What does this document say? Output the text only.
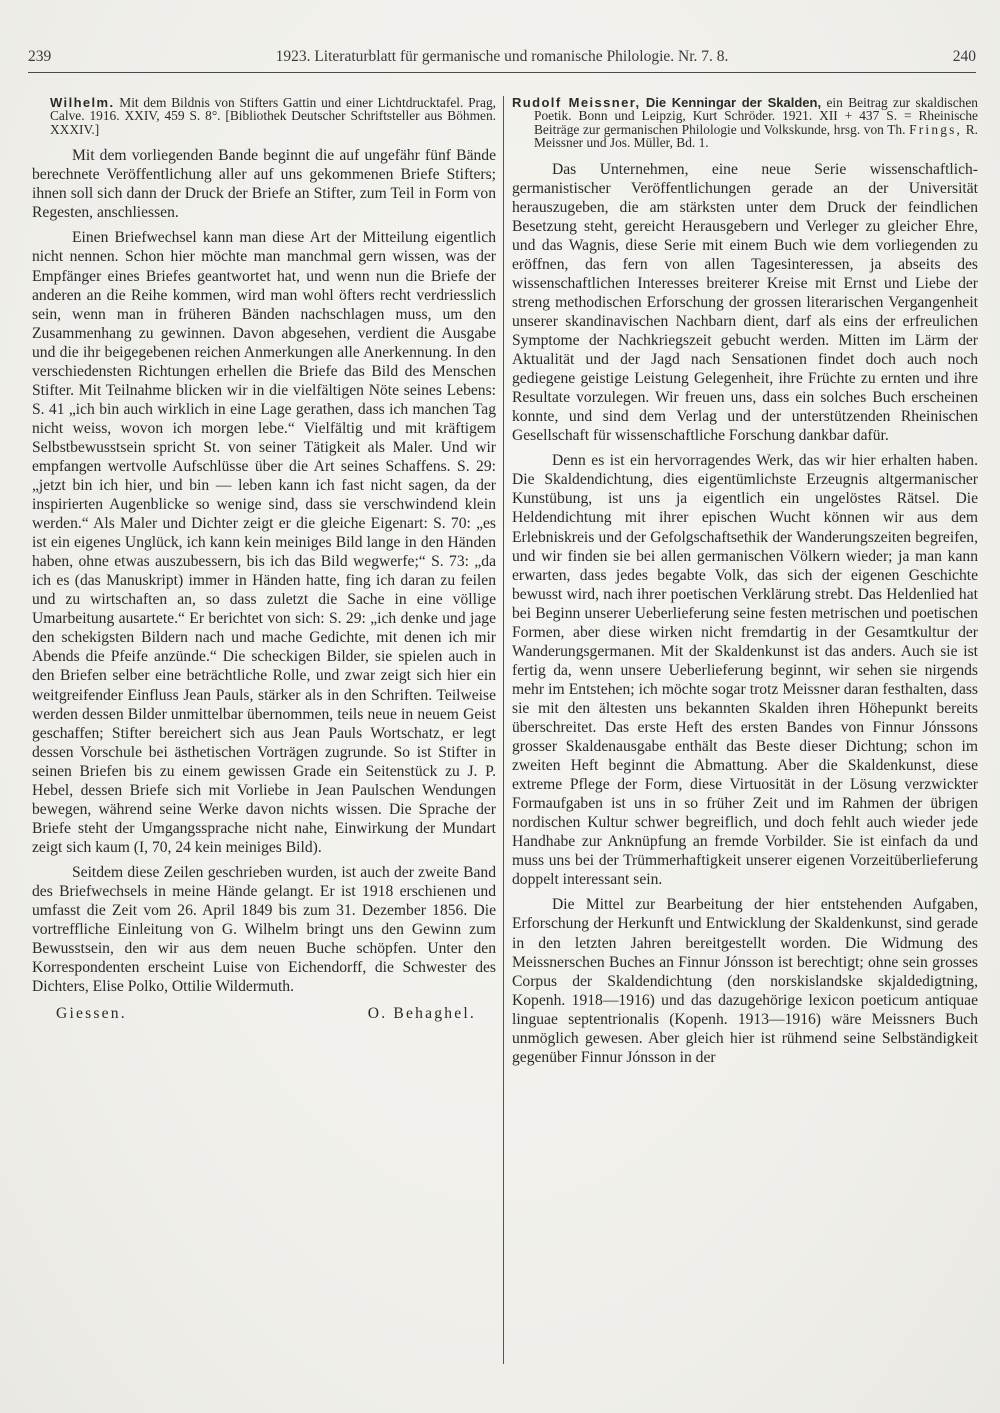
239	1923. Literaturblatt für germanische und romanische Philologie. Nr. 7. 8.	240

Wilhelm. Mit dem Bildnis von Stifters Gattin und einer Lichtdrucktafel. Prag, Calve. 1916. XXIV, 459 S. 8°. [Bibliothek Deutscher Schriftsteller aus Böhmen. XXXIV.]

Mit dem vorliegenden Bande beginnt die auf ungefähr fünf Bände berechnete Veröffentlichung aller auf uns gekommenen Briefe Stifters; ihnen soll sich dann der Druck der Briefe an Stifter, zum Teil in Form von Regesten, anschliessen.

Einen Briefwechsel kann man diese Art der Mitteilung eigentlich nicht nennen. Schon hier möchte man manchmal gern wissen, was der Empfänger eines Briefes geantwortet hat, und wenn nun die Briefe der anderen an die Reihe kommen, wird man wohl öfters recht verdriesslich sein, wenn man in früheren Bänden nachschlagen muss, um den Zusammenhang zu gewinnen. Davon abgesehen, verdient die Ausgabe und die ihr beigegebenen reichen Anmerkungen alle Anerkennung. In den verschiedensten Richtungen erhellen die Briefe das Bild des Menschen Stifter. Mit Teilnahme blicken wir in die vielfältigen Nöte seines Lebens: S. 41 „ich bin auch wirklich in eine Lage gerathen, dass ich manchen Tag nicht weiss, wovon ich morgen lebe.“ Vielfältig und mit kräftigem Selbstbewusstsein spricht St. von seiner Tätigkeit als Maler. Und wir empfangen wertvolle Aufschlüsse über die Art seines Schaffens. S. 29: „jetzt bin ich hier, und bin — leben kann ich fast nicht sagen, da der inspirierten Augenblicke so wenige sind, dass sie verschwindend klein werden.“ Als Maler und Dichter zeigt er die gleiche Eigenart: S. 70: „es ist ein eigenes Unglück, ich kann kein meiniges Bild lange in den Händen haben, ohne etwas auszubessern, bis ich das Bild wegwerfe;“ S. 73: „da ich es (das Manuskript) immer in Händen hatte, fing ich daran zu feilen und zu wirtschaften an, so dass zuletzt die Sache in eine völlige Umarbeitung ausartete.“ Er berichtet von sich: S. 29: „ich denke und jage den schekigsten Bildern nach und mache Gedichte, mit denen ich mir Abends die Pfeife anzünde.“ Die scheckigen Bilder, sie spielen auch in den Briefen selber eine beträchtliche Rolle, und zwar zeigt sich hier ein weitgreifender Einfluss Jean Pauls, stärker als in den Schriften. Teilweise werden dessen Bilder unmittelbar übernommen, teils neue in neuem Geist geschaffen; Stifter bereichert sich aus Jean Pauls Wortschatz, er legt dessen Vorschule bei ästhetischen Vorträgen zugrunde. So ist Stifter in seinen Briefen bis zu einem gewissen Grade ein Seitenstück zu J. P. Hebel, dessen Briefe sich mit Vorliebe in Jean Paulschen Wendungen bewegen, während seine Werke davon nichts wissen. Die Sprache der Briefe steht der Umgangssprache nicht nahe, Einwirkung der Mundart zeigt sich kaum (I, 70, 24 kein meiniges Bild).

Seitdem diese Zeilen geschrieben wurden, ist auch der zweite Band des Briefwechsels in meine Hände gelangt. Er ist 1918 erschienen und umfasst die Zeit vom 26. April 1849 bis zum 31. Dezember 1856. Die vortreffliche Einleitung von G. Wilhelm bringt uns den Gewinn zum Bewusstsein, den wir aus dem neuen Buche schöpfen. Unter den Korrespondenten erscheint Luise von Eichendorff, die Schwester des Dichters, Elise Polko, Ottilie Wildermuth.

Giessen.	O. Behaghel.

Rudolf Meissner, Die Kenningar der Skalden, ein Beitrag zur skaldischen Poetik. Bonn und Leipzig, Kurt Schröder. 1921. XII + 437 S. = Rheinische Beiträge zur germanischen Philologie und Volkskunde, hrsg. von Th. Frings, R. Meissner und Jos. Müller, Bd. 1.

Das Unternehmen, eine neue Serie wissenschaftlich-germanistischer Veröffentlichungen gerade an der Universität herauszugeben, die am stärksten unter dem Druck der feindlichen Besetzung steht, gereicht Herausgebern und Verleger zu gleicher Ehre, und das Wagnis, diese Serie mit einem Buch wie dem vorliegenden zu eröffnen, das fern von allen Tagesinteressen, ja abseits des wissenschaftlichen Interesses breiterer Kreise mit Ernst und Liebe der streng methodischen Erforschung der grossen literarischen Vergangenheit unserer skandinavischen Nachbarn dient, darf als eins der erfreulichen Symptome der Nachkriegszeit gebucht werden. Mitten im Lärm der Aktualität und der Jagd nach Sensationen findet doch auch noch gediegene geistige Leistung Gelegenheit, ihre Früchte zu ernten und ihre Resultate vorzulegen. Wir freuen uns, dass ein solches Buch erscheinen konnte, und sind dem Verlag und der unterstützenden Rheinischen Gesellschaft für wissenschaftliche Forschung dankbar dafür.

Denn es ist ein hervorragendes Werk, das wir hier erhalten haben. Die Skaldendichtung, dies eigentümlichste Erzeugnis altgermanischer Kunstübung, ist uns ja eigentlich ein ungelöstes Rätsel. Die Heldendichtung mit ihrer epischen Wucht können wir aus dem Erlebniskreis und der Gefolgschaftsethik der Wanderungszeiten begreifen, und wir finden sie bei allen germanischen Völkern wieder; ja man kann erwarten, dass jedes begabte Volk, das sich der eigenen Geschichte bewusst wird, nach ihrer poetischen Verklärung strebt. Das Heldenlied hat bei Beginn unserer Ueberlieferung seine festen metrischen und poetischen Formen, aber diese wirken nicht fremdartig in der Gesamtkultur der Wanderungsgermanen. Mit der Skaldenkunst ist das anders. Auch sie ist fertig da, wenn unsere Ueberlieferung beginnt, wir sehen sie nirgends mehr im Entstehen; ich möchte sogar trotz Meissner daran festhalten, dass sie mit den ältesten uns bekannten Skalden ihren Höhepunkt bereits überschreitet. Das erste Heft des ersten Bandes von Finnur Jónssons grosser Skaldenausgabe enthält das Beste dieser Dichtung; schon im zweiten Heft beginnt die Abmattung. Aber die Skaldenkunst, diese extreme Pflege der Form, diese Virtuosität in der Lösung verzwickter Formaufgaben ist uns in so früher Zeit und im Rahmen der übrigen nordischen Kultur schwer begreiflich, und doch fehlt auch wieder jede Handhabe zur Anknüpfung an fremde Vorbilder. Sie ist einfach da und muss uns bei der Trümmerhaftigkeit unserer eigenen Vorzeitüberlieferung doppelt interessant sein.

Die Mittel zur Bearbeitung der hier entstehenden Aufgaben, Erforschung der Herkunft und Entwicklung der Skaldenkunst, sind gerade in den letzten Jahren bereitgestellt worden. Die Widmung des Meissnerschen Buches an Finnur Jónsson ist berechtigt; ohne sein grosses Corpus der Skaldendichtung (den norskislandske skjaldedigtning, Kopenh. 1918—1916) und das dazugehörige lexicon poeticum antiquae linguae septentrionalis (Kopenh. 1913—1916) wäre Meissners Buch unmöglich gewesen. Aber gleich hier ist rühmend seine Selbständigkeit gegenüber Finnur Jónsson in der
